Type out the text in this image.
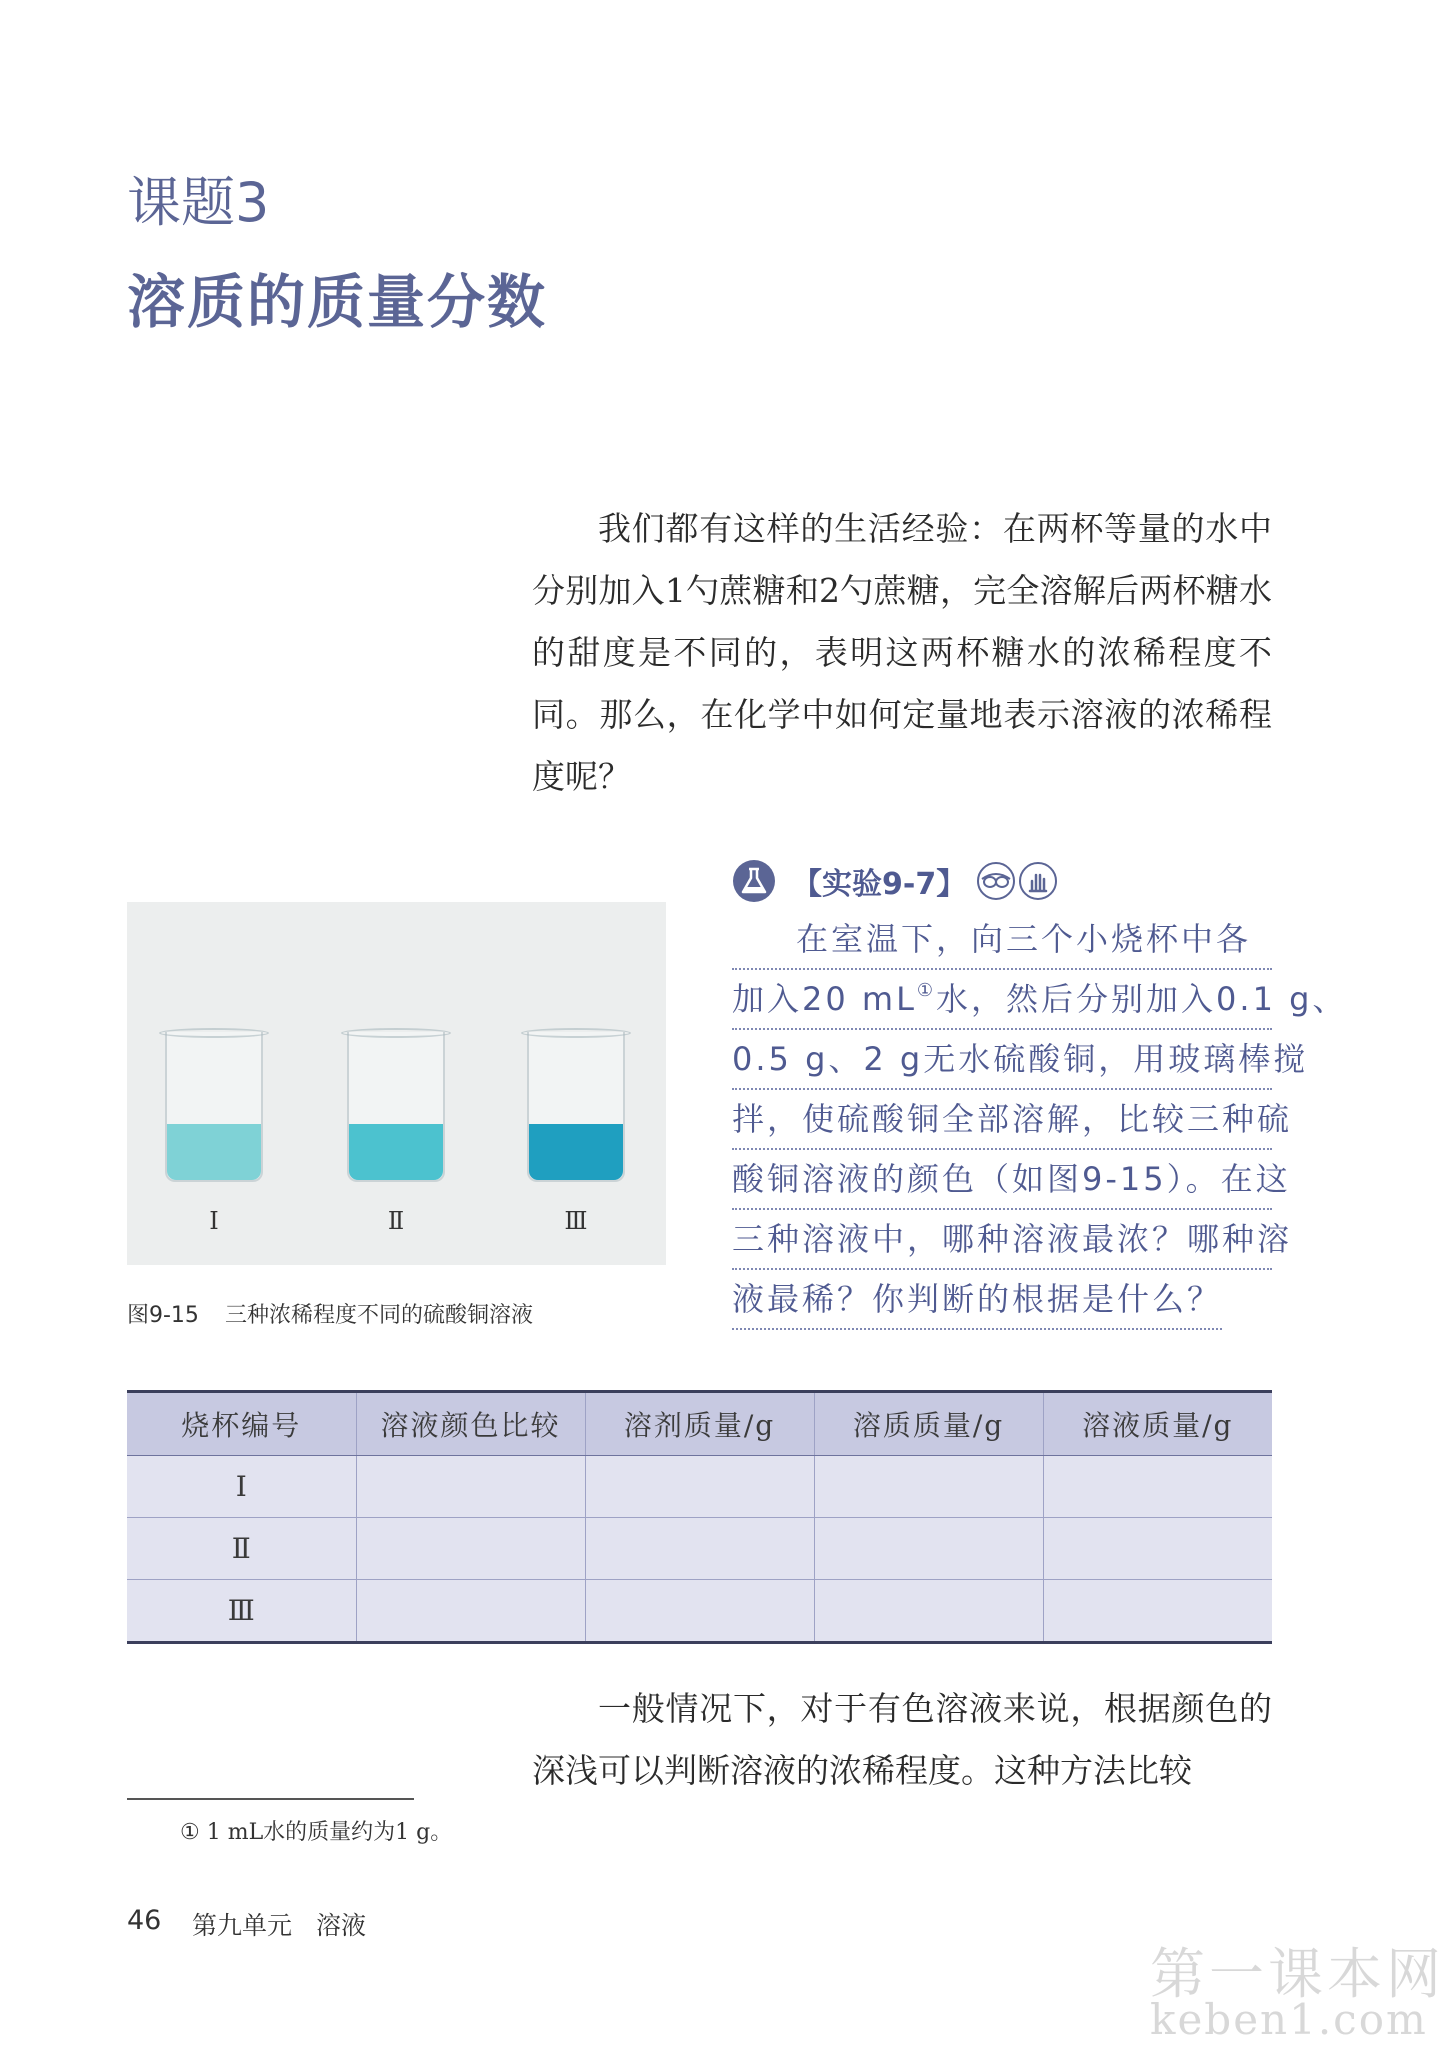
课题3
溶质的质量分数

我们都有这样的生活经验：在两杯等量的水中分别加入1勺蔗糖和2勺蔗糖，完全溶解后两杯糖水的甜度是不同的，表明这两杯糖水的浓稀程度不同。那么，在化学中如何定量地表示溶液的浓稀程度呢？

Ⅰ	Ⅱ	Ⅲ
图9-15 三种浓稀程度不同的硫酸铜溶液
【实验9-7】
在室温下，向三个小烧杯中各
加入20 mL①水，然后分别加入0.1 g、
0.5 g、2 g无水硫酸铜，用玻璃棒搅
拌，使硫酸铜全部溶解，比较三种硫
酸铜溶液的颜色（如图9-15）。在这
三种溶液中，哪种溶液最浓？哪种溶
液最稀？你判断的根据是什么？
烧杯编号	溶液颜色比较	溶剂质量/g	溶质质量/g	溶液质量/g
Ⅰ				
Ⅱ				
Ⅲ				

一般情况下，对于有色溶液来说，根据颜色的深浅可以判断溶液的浓稀程度。这种方法比较

① 1 mL水的质量约为1 g。
46 第九单元 溶液
第一课本网
keben1.com
